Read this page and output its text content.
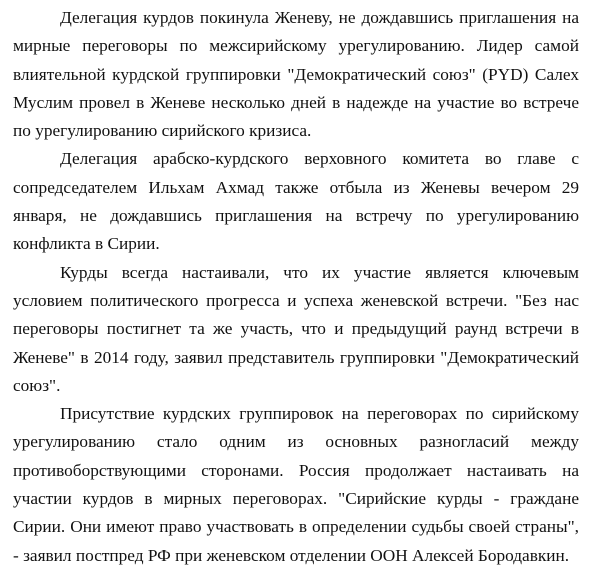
Делегация курдов покинула Женеву, не дождавшись приглашения на мирные переговоры по межсирийскому урегулированию. Лидер самой влиятельной курдской группировки "Демократический союз" (PYD) Салех Муслим провел в Женеве несколько дней в надежде на участие во встрече по урегулированию сирийского кризиса.

Делегация арабско-курдского верховного комитета во главе с сопредседателем Ильхам Ахмад также отбыла из Женевы вечером 29 января, не дождавшись приглашения на встречу по урегулированию конфликта в Сирии.

Курды всегда настаивали, что их участие является ключевым условием политического прогресса и успеха женевской встречи. "Без нас переговоры постигнет та же участь, что и предыдущий раунд встречи в Женеве" в 2014 году, заявил представитель группировки "Демократический союз".

Присутствие курдских группировок на переговорах по сирийскому урегулированию стало одним из основных разногласий между противоборствующими сторонами. Россия продолжает настаивать на участии курдов в мирных переговорах. "Сирийские курды - граждане Сирии. Они имеют право участвовать в определении судьбы своей страны", - заявил постпред РФ при женевском отделении ООН Алексей Бородавкин.
